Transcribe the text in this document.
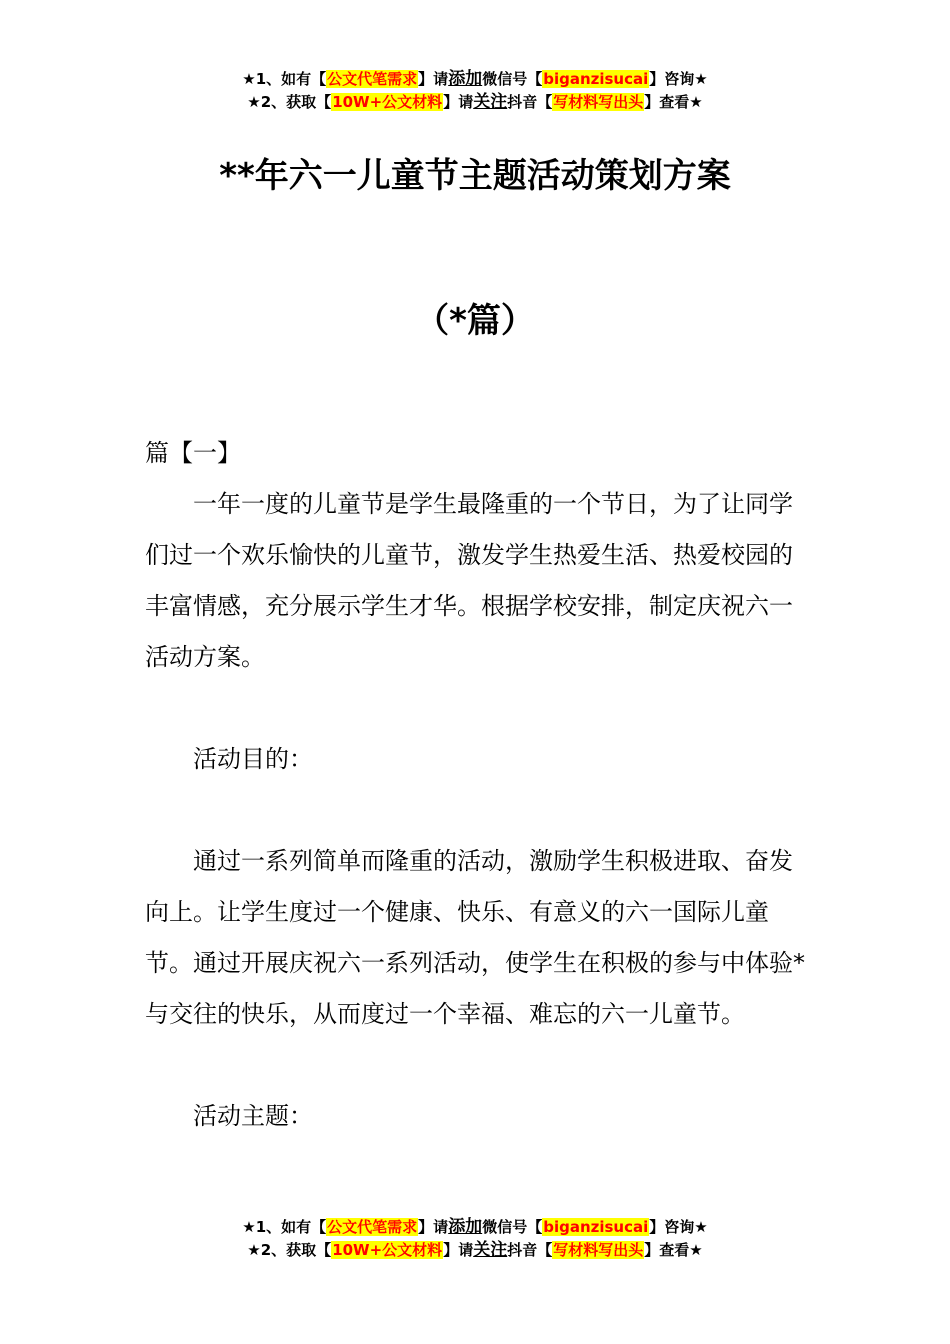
★1、如有【公文代笔需求】请添加微信号【biganzisucai】咨询★
★2、获取【10W+公文材料】请关注抖音【写材料写出头】查看★
**年六一儿童节主题活动策划方案
（*篇）

篇【一】

一年一度的儿童节是学生最隆重的一个节日，为了让同学们过一个欢乐愉快的儿童节，激发学生热爱生活、热爱校园的丰富情感，充分展示学生才华。根据学校安排，制定庆祝六一活动方案。

活动目的：

通过一系列简单而隆重的活动，激励学生积极进取、奋发向上。让学生度过一个健康、快乐、有意义的六一国际儿童节。通过开展庆祝六一系列活动，使学生在积极的参与中体验*与交往的快乐，从而度过一个幸福、难忘的六一儿童节。

活动主题：

★1、如有【公文代笔需求】请添加微信号【biganzisucai】咨询★
★2、获取【10W+公文材料】请关注抖音【写材料写出头】查看★
